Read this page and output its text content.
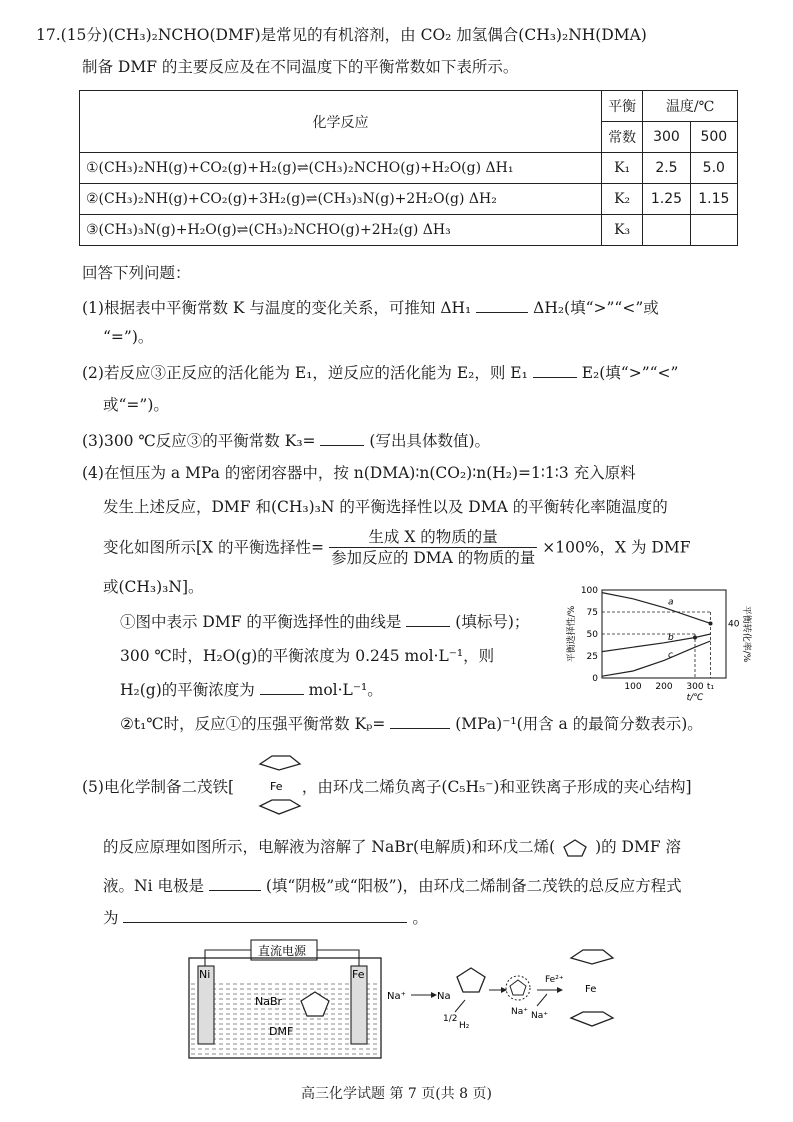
17.(15分)(CH₃)₂NCHO(DMF)是常见的有机溶剂，由 CO₂ 加氢偶合(CH₃)₂NH(DMA)
制备 DMF 的主要反应及在不同温度下的平衡常数如下表所示。
化学反应	平衡	温度/℃	
	常数	300	500
①(CH₃)₂NH(g)+CO₂(g)+H₂(g)⇌(CH₃)₂NCHO(g)+H₂O(g) ΔH₁	K₁	2.5	5.0
②(CH₃)₂NH(g)+CO₂(g)+3H₂(g)⇌(CH₃)₃N(g)+2H₂O(g) ΔH₂	K₂	1.25	1.15
③(CH₃)₃N(g)+H₂O(g)⇌(CH₃)₂NCHO(g)+2H₂(g) ΔH₃	K₃		
回答下列问题：
(1)根据表中平衡常数 K 与温度的变化关系，可推知 ΔH₁	ΔH₂(填“>”“<”或
“=”)。
(2)若反应③正反应的活化能为 E₁，逆反应的活化能为 E₂，则 E₁	E₂(填“>”“<”
或“=”)。
(3)300 ℃反应③的平衡常数 K₃=	(写出具体数值)。
(4)在恒压为 a MPa 的密闭容器中，按 n(DMA)∶n(CO₂)∶n(H₂)=1∶1∶3 充入原料
发生上述反应，DMF 和(CH₃)₃N 的平衡选择性以及 DMA 的平衡转化率随温度的
变化如图所示[X 的平衡选择性= $\frac{\text{生成 X 的物质的量}}{\text{参加反应的 DMA 的物质的量}} \times 100\%$，X 为 DMF
或(CH₃)₃N]。
①图中表示 DMF 的平衡选择性的曲线是	(填标号)；
300 ℃时，H₂O(g)的平衡浓度为 0.245 mol·L⁻¹，则
H₂(g)的平衡浓度为	mol·L⁻¹。
②t₁℃时，反应①的压强平衡常数 Kₚ=	(MPa)⁻¹(用含 a 的最简分数表示)。
0
25
50
75
100
100 200 300 t₁
t/℃
平衡选择性/%	平衡转化率/%
40
a
b
c
(5)电化学制备二茂铁[	，由环戊二烯负离子(C₅H₅⁻)和亚铁离子形成的夹心结构]
Fe
的反应原理如图所示，电解液为溶解了 NaBr(电解质)和环戊二烯(	)的 DMF 溶
液。Ni 电极是	(填“阴极”或“阳极”)，由环戊二烯制备二茂铁的总反应方程式
为	。
直流电源
Ni	Fe
NaBr
DMF
Na⁺	Na
1/2
H₂
Na⁺
Fe²⁺
Na⁺
Fe
高三化学试题 第 7 页(共 8 页)
